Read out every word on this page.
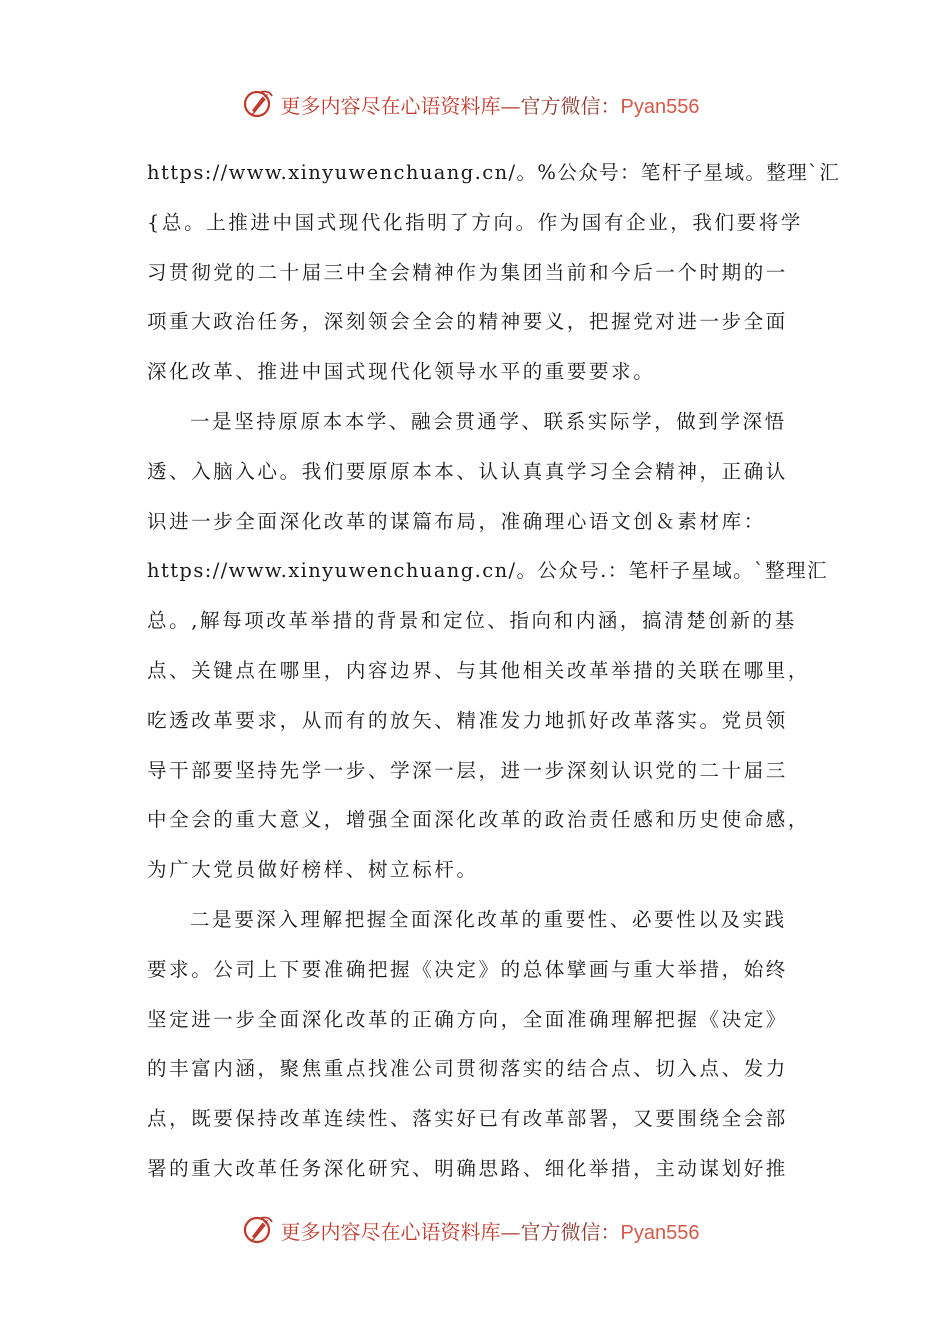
更多内容尽在心语资料库—官方微信：Pyan556
https://www.xinyuwenchuang.cn/。%公众号：笔杆子星域。整理`汇
{总。上推进中国式现代化指明了方向。作为国有企业，我们要将学
习贯彻党的二十届三中全会精神作为集团当前和今后一个时期的一
项重大政治任务，深刻领会全会的精神要义，把握党对进一步全面
深化改革、推进中国式现代化领导水平的重要要求。
一是坚持原原本本学、融会贯通学、联系实际学，做到学深悟
透、入脑入心。我们要原原本本、认认真真学习全会精神，正确认
识进一步全面深化改革的谋篇布局，准确理心语文创＆素材库：
https://www.xinyuwenchuang.cn/。公众号.：笔杆子星域。`整理汇
总。,解每项改革举措的背景和定位、指向和内涵，搞清楚创新的基
点、关键点在哪里，内容边界、与其他相关改革举措的关联在哪里，
吃透改革要求，从而有的放矢、精准发力地抓好改革落实。党员领
导干部要坚持先学一步、学深一层，进一步深刻认识党的二十届三
中全会的重大意义，增强全面深化改革的政治责任感和历史使命感，
为广大党员做好榜样、树立标杆。
二是要深入理解把握全面深化改革的重要性、必要性以及实践
要求。公司上下要准确把握《决定》的总体擘画与重大举措，始终
坚定进一步全面深化改革的正确方向，全面准确理解把握《决定》
的丰富内涵，聚焦重点找准公司贯彻落实的结合点、切入点、发力
点，既要保持改革连续性、落实好已有改革部署，又要围绕全会部
署的重大改革任务深化研究、明确思路、细化举措，主动谋划好推
更多内容尽在心语资料库—官方微信：Pyan556
